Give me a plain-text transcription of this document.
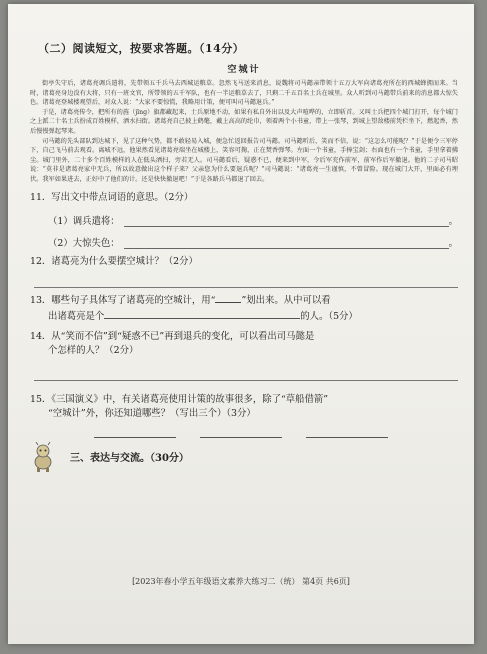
（二）阅读短文，按要求答题。（14分）
空城计

街亭失守后，诸葛亮调兵遣将，先带领五千兵马去西城运粮草。忽然飞马送来消息，说魏将司马懿亲带领十五万大军向诸葛亮所在的西城蜂拥而来。当时，诸葛亮身边没有大将，只有一班文官，所带领的五千军队，也有一半运粮草去了，只剩二千五百名士兵在城里。众人听到司马懿带兵前来的消息都大惊失色。诸葛亮登城楼观望后，对众人说：“大家不要惊慌，我略用计策，便可叫司马懿退兵。”

于是，诸葛亮传令，把所有的旌（jīng）旗都藏起来，士兵原地不动，如果有私自外出以及大声喧哗的，立即斩首。又叫士兵把四个城门打开，每个城门之上派二十名士兵扮成百姓模样，洒水扫街。诸葛亮自己披上鹤氅，戴上高高的纶巾，领着两个小书童，带上一张琴，到城上望敌楼前凭栏坐下，燃起香，然后慢慢弹起琴来。

司马懿的先头部队到达城下，见了这种气势，都不敢轻易入城，便急忙返回报告司马懿。司马懿听后，笑而不信，说：“这怎么可能呢？”于是便令三军停下，自己飞马前去观看。离城不远，他果然看见诸葛亮端坐在城楼上，笑容可掬，正在焚香弹琴。左面一个书童，手捧宝剑；右面也有一个书童，手里拿着拂尘。城门里外，二十多个百姓模样的人在低头洒扫，旁若无人。司马懿看后，疑惑不已，便来到中军，令后军充作前军，前军作后军撤退。他的二子司马昭说：“莫非是诸葛亮家中无兵，所以故意做出这个样子来？父亲您为什么要退兵呢？”司马懿说：“诸葛亮一生谨慎，不曾冒险。现在城门大开，里面必有埋伏。我军如果进去，正好中了他们的计。还是快快撤退吧！”于是各路兵马都退了回去。

11．写出文中带点词语的意思。（2分）
（1）调兵遣将：	。
（2）大惊失色：	。
12．诸葛亮为什么要摆空城计？（2分）
13．哪些句子具体写了诸葛亮的空城计，用“	”划出来。从中可以看
出诸葛亮是个	的人。（5分）
14．从“笑而不信”到“疑惑不已”再到退兵的变化，可以看出司马懿是
个怎样的人？（2分）
15．《三国演义》中，有关诸葛亮使用计策的故事很多，除了“草船借箭”
“空城计”外，你还知道哪些？（写出三个）（3分）
三、表达与交流。（30分）
[2023年春小学五年级语文素养大练习二（统） 第4页 共6页]
